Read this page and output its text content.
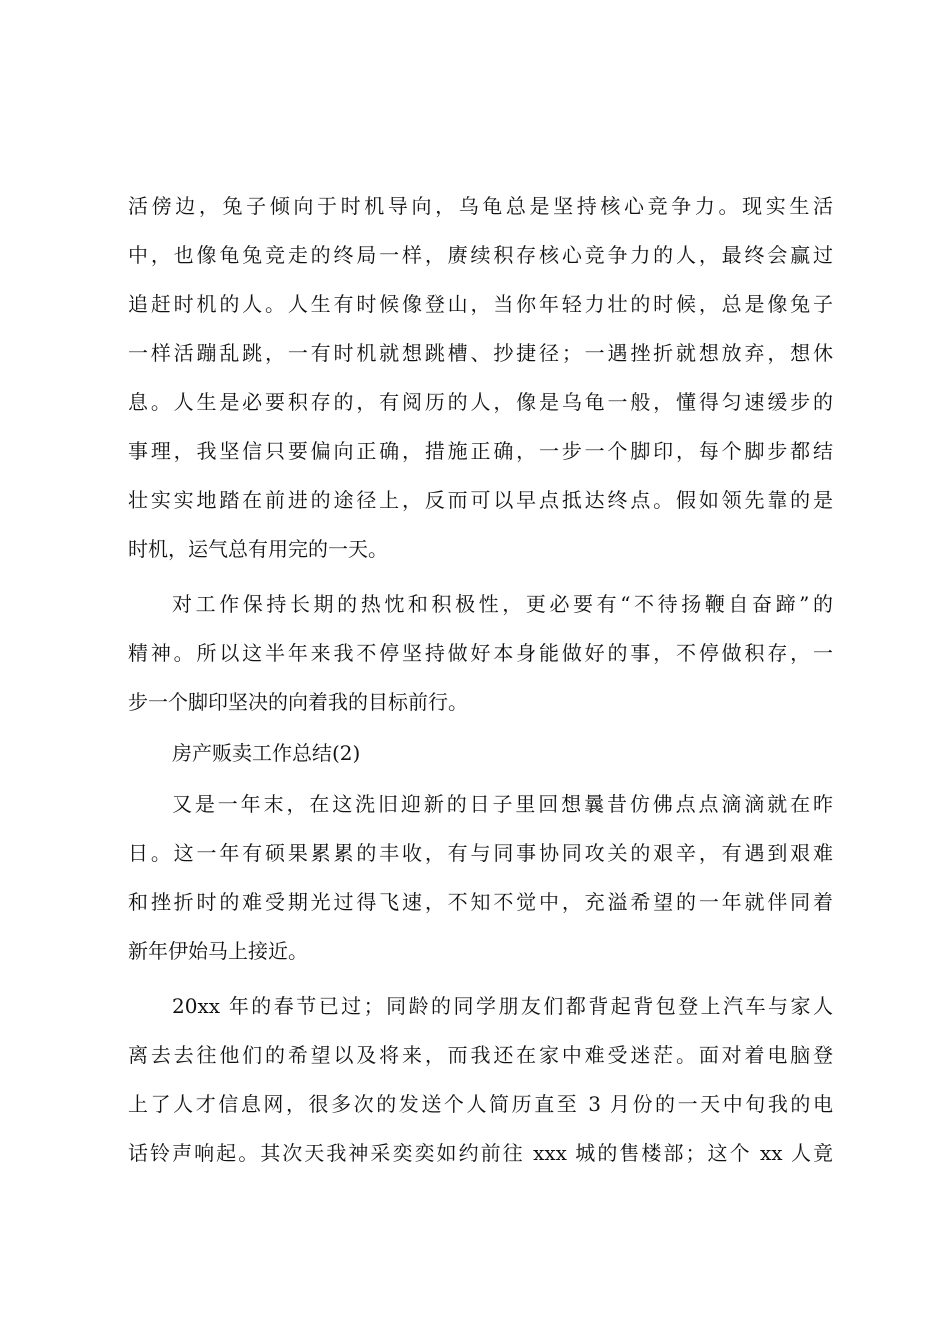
活傍边，兔子倾向于时机导向，乌龟总是坚持核心竞争力。现实生活
中，也像龟兔竞走的终局一样，赓续积存核心竞争力的人，最终会赢过
追赶时机的人。人生有时候像登山，当你年轻力壮的时候，总是像兔子
一样活蹦乱跳，一有时机就想跳槽、抄捷径；一遇挫折就想放弃，想休
息。人生是必要积存的，有阅历的人，像是乌龟一般，懂得匀速缓步的
事理，我坚信只要偏向正确，措施正确，一步一个脚印，每个脚步都结
壮实实地踏在前进的途径上，反而可以早点抵达终点。假如领先靠的是
时机，运气总有用完的一天。
对工作保持长期的热忱和积极性，更必要有“不待扬鞭自奋蹄”的
精神。所以这半年来我不停坚持做好本身能做好的事，不停做积存，一
步一个脚印坚决的向着我的目标前行。
房产贩卖工作总结(2)
又是一年末，在这洗旧迎新的日子里回想曩昔仿佛点点滴滴就在昨
日。这一年有硕果累累的丰收，有与同事协同攻关的艰辛，有遇到艰难
和挫折时的难受期光过得飞速，不知不觉中，充溢希望的一年就伴同着
新年伊始马上接近。
20xx 年的春节已过；同龄的同学朋友们都背起背包登上汽车与家人
离去去往他们的希望以及将来，而我还在家中难受迷茫。面对着电脑登
上了人才信息网，很多次的发送个人简历直至 3 月份的一天中旬我的电
话铃声响起。其次天我神采奕奕如约前往 xxx 城的售楼部；这个 xx 人竟
